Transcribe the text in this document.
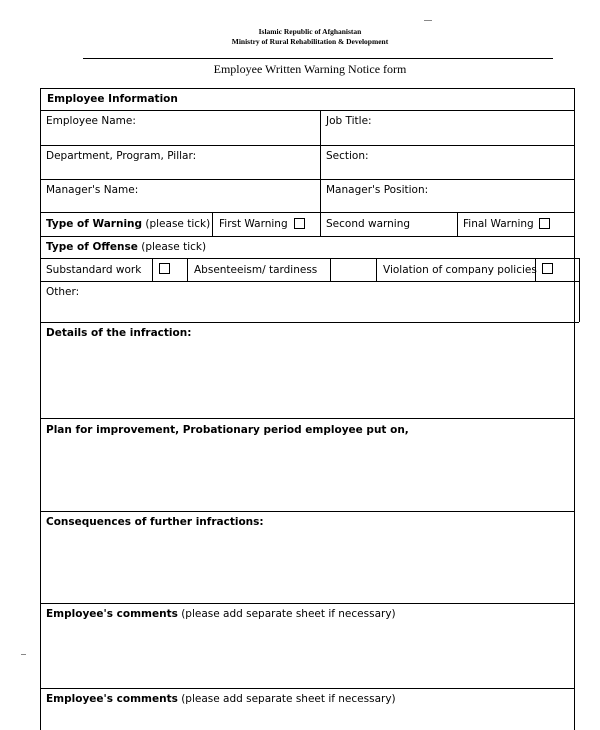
Islamic Republic of Afghanistan
Ministry of Rural Rehabilitation & Development
Employee Written Warning Notice form
Employee Information
Employee Name:	Job Title:
Department, Program, Pillar:	Section:
Manager's Name:	Manager's Position:
Type of Warning (please tick) First Warning	Second warning	Final Warning
Type of Offense (please tick)
Substandard work	Absenteeism/ tardiness	Violation of company policies
Other:
Details of the infraction:
Plan for improvement, Probationary period employee put on,
Consequences of further infractions:
Employee's comments (please add separate sheet if necessary)
Employee's comments (please add separate sheet if necessary)
